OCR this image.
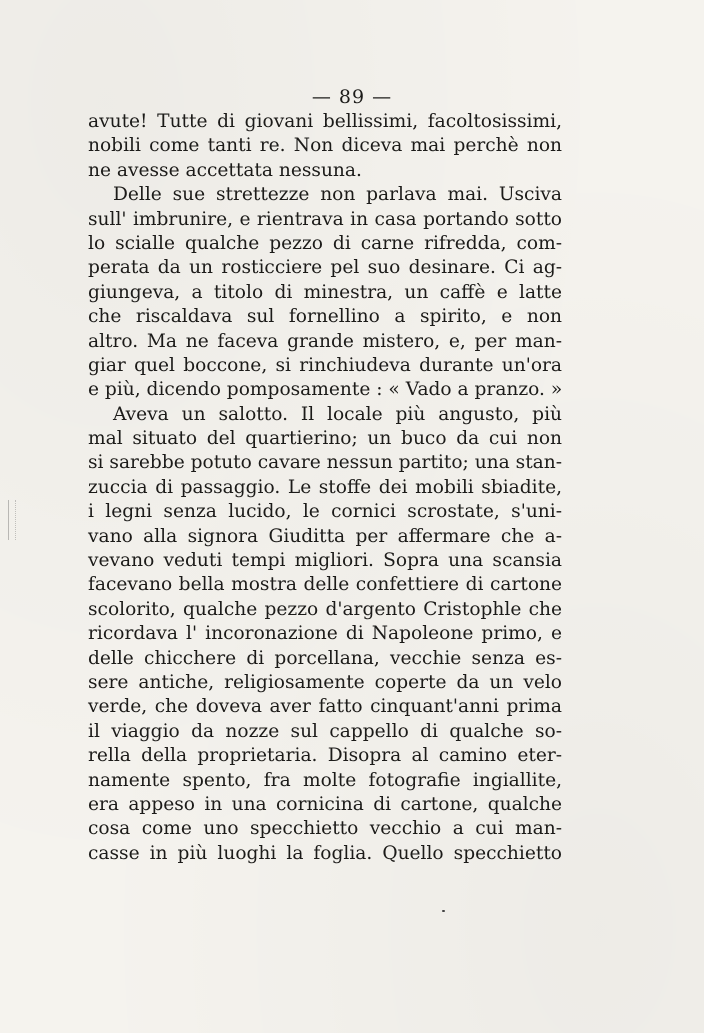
— 89 —
avute! Tutte di giovani bellissimi, facoltosissimi,
nobili come tanti re. Non diceva mai perchè non
ne avesse accettata nessuna.
Delle sue strettezze non parlava mai. Usciva
sull' imbrunire, e rientrava in casa portando sotto
lo scialle qualche pezzo di carne rifredda, com-
perata da un rosticciere pel suo desinare. Ci ag-
giungeva, a titolo di minestra, un caffè e latte
che riscaldava sul fornellino a spirito, e non
altro. Ma ne faceva grande mistero, e, per man-
giar quel boccone, si rinchiudeva durante un'ora
e più, dicendo pomposamente : « Vado a pranzo. »
Aveva un salotto. Il locale più angusto, più
mal situato del quartierino; un buco da cui non
si sarebbe potuto cavare nessun partito; una stan-
zuccia di passaggio. Le stoffe dei mobili sbiadite,
i legni senza lucido, le cornici scrostate, s'uni-
vano alla signora Giuditta per affermare che a-
vevano veduti tempi migliori. Sopra una scansia
facevano bella mostra delle confettiere di cartone
scolorito, qualche pezzo d'argento Cristophle che
ricordava l' incoronazione di Napoleone primo, e
delle chicchere di porcellana, vecchie senza es-
sere antiche, religiosamente coperte da un velo
verde, che doveva aver fatto cinquant'anni prima
il viaggio da nozze sul cappello di qualche so-
rella della proprietaria. Disopra al camino eter-
namente spento, fra molte fotografie ingiallite,
era appeso in una cornicina di cartone, qualche
cosa come uno specchietto vecchio a cui man-
casse in più luoghi la foglia. Quello specchietto
